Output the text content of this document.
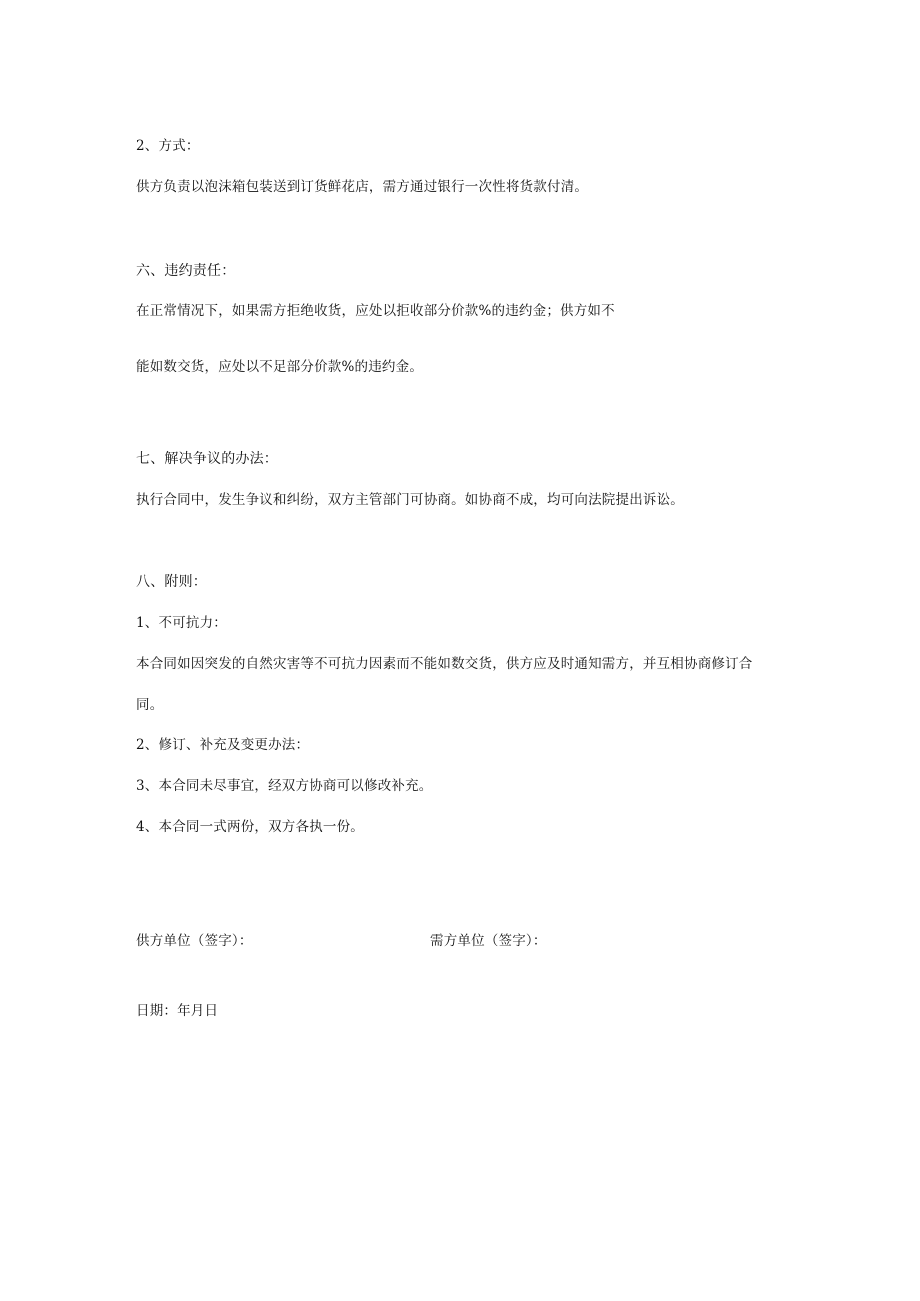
2、方式：
供方负责以泡沫箱包装送到订货鲜花店，需方通过银行一次性将货款付清。
六、违约责任：
在正常情况下，如果需方拒绝收货，应处以拒收部分价款%的违约金；供方如不
能如数交货，应处以不足部分价款%的违约金。
七、解决争议的办法：
执行合同中，发生争议和纠纷，双方主管部门可协商。如协商不成，均可向法院提出诉讼。
八、附则：
1、不可抗力：
本合同如因突发的自然灾害等不可抗力因素而不能如数交货，供方应及时通知需方，并互相协商修订合
同。
2、修订、补充及变更办法：
3、本合同未尽事宜，经双方协商可以修改补充。
4、本合同一式两份，双方各执一份。
供方单位（签字）：	需方单位（签字）：
日期：年月日
